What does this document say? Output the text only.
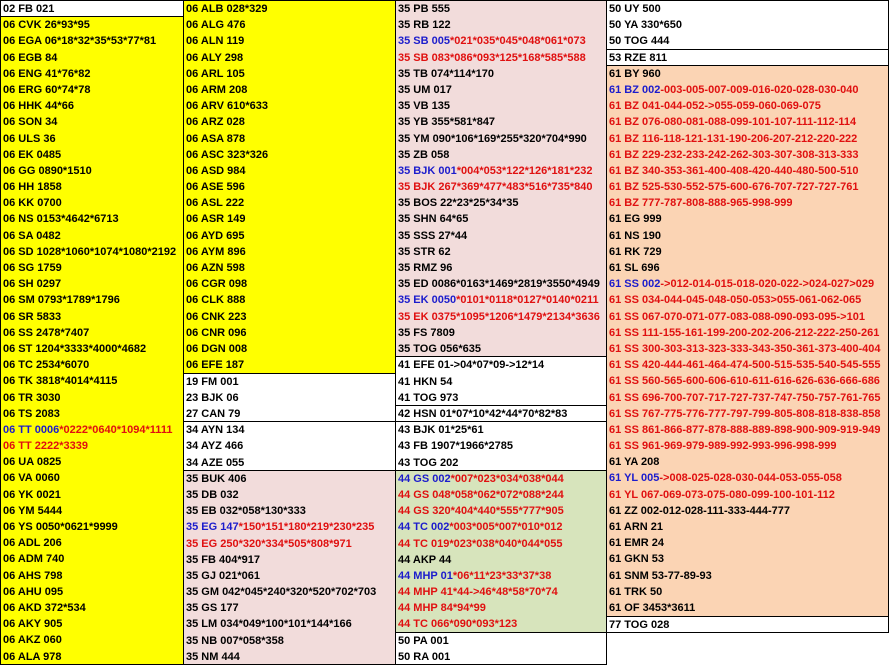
02 FB 021
06 CVK 26*93*95
06 EGA 06*18*32*35*53*77*81
06 EGB 84
06 ENG 41*76*82
06 ERG 60*74*78
06 HHK 44*66
06 SON 34
06 ULS 36
06 EK 0485
06 GG 0890*1510
06 HH 1858
06 KK 0700
06 NS 0153*4642*6713
06 SA 0482
06 SD 1028*1060*1074*1080*2192
06 SG 1759
06 SH 0297
06 SM 0793*1789*1796
06 SR 5833
06 SS 2478*7407
06 ST 1204*3333*4000*4682
06 TC 2534*6070
06 TK 3818*4014*4115
06 TR 3030
06 TS 2083
06 TT 0006*0222*0640*1094*1111
06 TT 2222*3339
06 UA 0825
06 VA 0060
06 YK 0021
06 YM 5444
06 YS 0050*0621*9999
06 ADL 206
06 ADM 740
06 AHS 798
06 AHU 095
06 AKD 372*534
06 AKY 905
06 AKZ 060
06 ALA 978
06 ALB 028*329
06 ALG 476
06 ALN 119
06 ALY 298
06 ARL 105
06 ARM 208
06 ARV 610*633
06 ARZ 028
06 ASA 878
06 ASC 323*326
06 ASD 984
06 ASE 596
06 ASL 222
06 ASR 149
06 AYD 695
06 AYM 896
06 AZN 598
06 CGR 098
06 CLK 888
06 CNK 223
06 CNR 096
06 DGN 008
06 EFE 187
19 FM 001
23 BJK 06
27 CAN 79
34 AYN 134
34 AYZ 466
34 AZE 055
35 BUK 406
35 DB 032
35 EB 032*058*130*333
35 EG 147*150*151*180*219*230*235
35 EG 250*320*334*505*808*971
35 FB 404*917
35 GJ 021*061
35 GM 042*045*240*320*520*702*703
35 GS 177
35 LM 034*049*100*101*144*166
35 NB 007*058*358
35 NM 444
35 PB 555
35 RB 122
35 SB 005*021*035*045*048*061*073
35 SB 083*086*093*125*168*585*588
35 TB 074*114*170
35 UM 017
35 VB 135
35 YB 355*581*847
35 YM 090*106*169*255*320*704*990
35 ZB 058
35 BJK 001*004*053*122*126*181*232
35 BJK 267*369*477*483*516*735*840
35 BOS 22*23*25*34*35
35 SHN 64*65
35 SSS 27*44
35 STR 62
35 RMZ 96
35 ED 0086*0163*1469*2819*3550*4949
35 EK 0050*0101*0118*0127*0140*0211
35 EK 0375*1095*1206*1479*2134*3636
35 FS 7809
35 TOG 056*635
41 EFE 01->04*07*09->12*14
41 HKN 54
41 TOG 973
42 HSN 01*07*10*42*44*70*82*83
43 BJK 01*25*61
43 FB 1907*1966*2785
43 TOG 202
44 GS 002*007*023*034*038*044
44 GS 048*058*062*072*088*244
44 GS 320*404*440*555*777*905
44 TC 002*003*005*007*010*012
44 TC 019*023*038*040*044*055
44 AKP 44
44 MHP 01*06*11*23*33*37*38
44 MHP 41*44->46*48*58*70*74
44 MHP 84*94*99
44 TC 066*090*093*123
50 PA 001
50 RA 001
50 UY 500
50 YA 330*650
50 TOG 444
53 RZE 811
61 BY 960
61 BZ 002-003-005-007-009-016-020-028-030-040
61 BZ 041-044-052->055-059-060-069-075
61 BZ 076-080-081-088-099-101-107-111-112-114
61 BZ 116-118-121-131-190-206-207-212-220-222
61 BZ 229-232-233-242-262-303-307-308-313-333
61 BZ 340-353-361-400-408-420-440-480-500-510
61 BZ 525-530-552-575-600-676-707-727-727-761
61 BZ 777-787-808-888-965-998-999
61 EG 999
61 NS 190
61 RK 729
61 SL 696
61 SS 002->012-014-015-018-020-022->024-027>029
61 SS 034-044-045-048-050-053>055-061-062-065
61 SS 067-070-071-077-083-088-090-093-095->101
61 SS 111-155-161-199-200-202-206-212-222-250-261
61 SS 300-303-313-323-333-343-350-361-373-400-404
61 SS 420-444-461-464-474-500-515-535-540-545-555
61 SS 560-565-600-606-610-611-616-626-636-666-686
61 SS 696-700-707-717-727-737-747-750-757-761-765
61 SS 767-775-776-777-797-799-805-808-818-838-858
61 SS 861-866-877-878-888-889-898-900-909-919-949
61 SS 961-969-979-989-992-993-996-998-999
61 YA 208
61 YL 005->008-025-028-030-044-053-055-058
61 YL 067-069-073-075-080-099-100-101-112
61 ZZ 002-012-028-111-333-444-777
61 ARN 21
61 EMR 24
61 GKN 53
61 SNM 53-77-89-93
61 TRK 50
61 OF 3453*3611
77 TOG 028
